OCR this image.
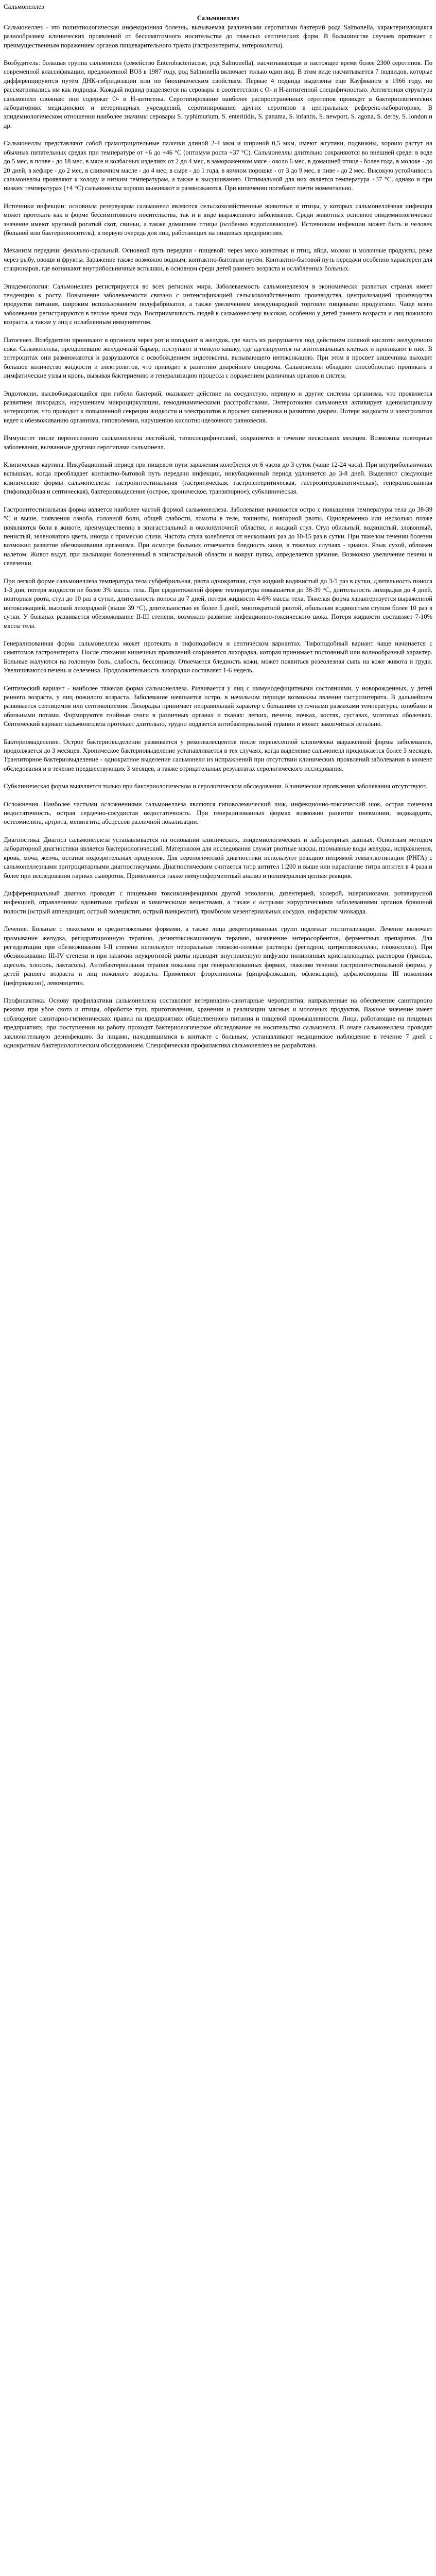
Сальмонеллез
Сальмонеллез

Сальмонеллез - это полиэтиологическая инфекционная болезнь, вызываемая различными серотипами бактерий рода Salmonella, характеризующаяся разнообразием клинических проявлений от бессимптомного носительства до тяжелых септических форм. В большинстве случаев протекает с преимущественным поражением органов пищеварительного тракта (гастроэнтериты, энтероколиты).

Возбудитель: большая группа сальмонелл (семейство Enterobacteriaceae, род Salmonella), насчитывающая в настоящее время более 2300 серотипов. По современной классификации, предложенной ВОЗ в 1987 году, род Salmonella включает только один вид. В этом виде насчитывается 7 подвидов, которые дифференцируются путём ДНК-гибридизации или по биохимическим свойствам. Первые 4 подвида выделены еще Кауфманом в 1966 году, но рассматривались им как подроды. Каждый подвид разделяется на серовары в соответствии с O- и H-антигенной специфичностью. Антигенная структура сальмонелл сложная: они содержат O- и H-антигены. Серотипирование наиболее распространенных серотипов проводят в бактериологических лабораториях медицинских и ветеринарных учреждений, серотипирование других серотипов в центральных референс-лабораториях. В эпидемиологическом отношении наиболее значимы серовары S. typhimurium, S. enteritidis, S. panama, S. infantis, S. newport, S. agona, S. derby, S. london и др.

Сальмонеллы представляют собой грамотрицательные палочки длиной 2-4 мкм и шириной 0,5 мкм, имеют жгутики, подвижны, хорошо растут на обычных питательных средах при температуре от +6 до +46 °С (оптимум роста +37 °С). Сальмонеллы длительно сохраняются во внешней среде: в воде до 5 мес, в почве - до 18 мес, в мясе и колбасных изделиях от 2 до 4 мес, в замороженном мясе - около 6 мес, в домашней птице - более года, в молоке - до 20 дней, в кефире - до 2 мес, в сливочном масле - до 4 мес, в сыре - до 1 года, в яичном порошке - от 3 до 9 мес, в пиве - до 2 мес. Высокую устойчивость сальмонеллы проявляют к холоду и низким температурам, а также к высушиванию. Оптимальной для них является температура +37 °С, однако и при низких температурах (+4 °С) сальмонеллы хорошо выживают и размножаются. При кипячении погибают почти моментально.

Источники инфекции: основным резервуаром сальмонелл являются сельскохозяйственные животные и птицы, у которых сальмонеллёзная инфекция может протекать как в форме бессимптомного носительства, так и в виде выраженного заболевания. Среди животных основное эпидемиологическое значение имеют крупный рогатый скот, свиньи, а также домашние птицы (особенно водоплавающие). Источником инфекции может быть и человек (больной или бактерионоситель), в первую очередь для лиц, работающих на пищевых предприятиях.

Механизм передачи: фекально-оральный. Основной путь передачи - пищевой: через мясо животных и птиц, яйца, молоко и молочные продукты, реже через рыбу, овощи и фрукты. Заражение также возможно водным, контактно-бытовым путём. Контактно-бытовой путь передачи особенно характерен для стационаров, где возникают внутрибольничные вспышки, в основном среди детей раннего возраста и ослабленных больных.

Эпидемиология: Сальмонеллез регистрируется во всех регионах мира. Заболеваемость сальмонеллезом в экономически развитых странах имеет тенденцию к росту. Повышение заболеваемости связано с интенсификацией сельскохозяйственного производства, централизацией производства продуктов питания, широким использованием полуфабрикатов, а также увеличением международной торговли пищевыми продуктами. Чаще всего заболевания регистрируются в теплое время года. Восприимчивость людей к сальмонеллезу высокая, особенно у детей раннего возраста и лиц пожилого возраста, а также у лиц с ослабленным иммунитетом.

Патогенез. Возбудители проникают в организм через рот и попадают в желудок, где часть их разрушается под действием соляной кислоты желудочного сока. Сальмонеллы, преодолевшие желудочный барьер, поступают в тонкую кишку, где адгезируются на эпителиальных клетках и проникают в них. В энтероцитах они размножаются и разрушаются с освобождением эндотоксина, вызывающего интоксикацию. При этом в просвет кишечника выходит большое количество жидкости и электролитов, что приводит к развитию диарейного синдрома. Сальмонеллы обладают способностью проникать в лимфатические узлы и кровь, вызывая бактериемию и генерализацию процесса с поражением различных органов и систем.

Эндотоксин, высвобождающийся при гибели бактерий, оказывает действие на сосудистую, нервную и другие системы организма, что проявляется развитием лихорадки, нарушением микроциркуляции, гемодинамическими расстройствами. Энтеротоксин сальмонелл активирует аденилатциклазу энтероцитов, что приводит к повышенной секреции жидкости и электролитов в просвет кишечника и развитию диареи. Потеря жидкости и электролитов ведет к обезвоживанию организма, гиповолемии, нарушению кислотно-щелочного равновесия.

Иммунитет после перенесенного сальмонеллеза нестойкий, типоспецифический, сохраняется в течение нескольких месяцев. Возможны повторные заболевания, вызванные другими серотипами сальмонелл.

Клиническая картина. Инкубационный период при пищевом пути заражения колеблется от 6 часов до 3 суток (чаще 12-24 часа). При внутрибольничных вспышках, когда преобладает контактно-бытовой путь передачи инфекции, инкубационный период удлиняется до 3-8 дней. Выделяют следующие клинические формы сальмонеллеза: гастроинтестинальная (гастритическая, гастроэнтеритическая, гастроэнтероколитическая), генерализованная (тифоподобная и септическая), бактериовыделение (острое, хроническое, транзиторное), субклиническая.

Гастроинтестинальная форма является наиболее частой формой сальмонеллеза. Заболевание начинается остро с повышения температуры тела до 38-39 °С и выше, появления озноба, головной боли, общей слабости, ломоты в теле, тошноты, повторной рвоты. Одновременно или несколько позже появляются боли в животе, преимущественно в эпигастральной и околопупочной областях, и жидкий стул. Стул обильный, водянистый, зловонный, пенистый, зеленоватого цвета, иногда с примесью слизи. Частота стула колеблется от нескольких раз до 10-15 раз в сутки. При тяжелом течении болезни возможно развитие обезвоживания организма. При осмотре больных отмечается бледность кожи, в тяжелых случаях - цианоз. Язык сухой, обложен налетом. Живот вздут, при пальпации болезненный в эпигастральной области и вокруг пупка, определяется урчание. Возможно увеличение печени и селезенки.

При легкой форме сальмонеллеза температура тела субфебрильная, рвота однократная, стул жидкий водянистый до 3-5 раз в сутки, длительность поноса 1-3 дня, потеря жидкости не более 3% массы тела. При среднетяжелой форме температура повышается до 38-39 °С, длительность лихорадки до 4 дней, повторная рвота, стул до 10 раз в сутки, длительность поноса до 7 дней, потеря жидкости 4-6% массы тела. Тяжелая форма характеризуется выраженной интоксикацией, высокой лихорадкой (выше 39 °С), длительностью ее более 5 дней, многократной рвотой, обильным водянистым стулом более 10 раз в сутки. У больных развивается обезвоживание II-III степени, возможно развитие инфекционно-токсического шока. Потеря жидкости составляет 7-10% массы тела.

Генерализованная форма сальмонеллеза может протекать в тифоподобном и септическом вариантах. Тифоподобный вариант чаще начинается с симптомов гастроэнтерита. После стихания кишечных проявлений сохраняется лихорадка, которая принимает постоянный или волнообразный характер. Больные жалуются на головную боль, слабость, бессонницу. Отмечается бледность кожи, может появиться розеолезная сыпь на коже живота и груди. Увеличиваются печень и селезенка. Продолжительность лихорадки составляет 1-6 недель.

Септический вариант - наиболее тяжелая форма сальмонеллеза. Развивается у лиц с иммунодефицитными состояниями, у новорожденных, у детей раннего возраста, у лиц пожилого возраста. Заболевание начинается остро, в начальном периоде возможны явления гастроэнтерита. В дальнейшем развивается септицемия или септикопиемия. Лихорадка принимает неправильный характер с большими суточными размахами температуры, ознобами и обильными потами. Формируются гнойные очаги в различных органах и тканях: легких, печени, почках, костях, суставах, мозговых оболочках. Септический вариант сальмонеллеза протекает длительно, трудно поддается антибактериальной терапии и может закончиться летально.

Бактериовыделение. Острое бактериовыделение развивается у реконвалесцентов после перенесенной клинически выраженной формы заболевания, продолжается до 3 месяцев. Хроническое бактериовыделение устанавливается в тех случаях, когда выделение сальмонелл продолжается более 3 месяцев. Транзиторное бактериовыделение - однократное выделение сальмонелл из испражнений при отсутствии клинических проявлений заболевания в момент обследования и в течение предшествующих 3 месяцев, а также отрицательных результатах серологического исследования.

Субклиническая форма выявляется только при бактериологическом и серологическом обследовании. Клинические проявления заболевания отсутствуют.

Осложнения. Наиболее частыми осложнениями сальмонеллеза являются гиповолемический шок, инфекционно-токсический шок, острая почечная недостаточность, острая сердечно-сосудистая недостаточность. При генерализованных формах возможно развитие пневмонии, эндокардита, остеомиелита, артрита, менингита, абсцессов различной локализации.

Диагностика. Диагноз сальмонеллеза устанавливается на основании клинических, эпидемиологических и лабораторных данных. Основным методом лабораторной диагностики является бактериологический. Материалом для исследования служат рвотные массы, промывные воды желудка, испражнения, кровь, моча, желчь, остатки подозрительных продуктов. Для серологической диагностики используют реакцию непрямой гемагглютинации (РНГА) с сальмонеллезными эритроцитарными диагностикумами. Диагностическим считается титр антител 1:200 и выше или нарастание титра антител в 4 раза и более при исследовании парных сывороток. Применяются также иммуноферментный анализ и полимеразная цепная реакция.

Дифференциальный диагноз проводят с пищевыми токсикоинфекциями другой этиологии, дизентерией, холерой, эшерихиозами, ротавирусной инфекцией, отравлениями ядовитыми грибами и химическими веществами, а также с острыми хирургическими заболеваниями органов брюшной полости (острый аппендицит, острый холецистит, острый панкреатит), тромбозом мезентериальных сосудов, инфарктом миокарда.

Лечение. Больные с тяжелыми и среднетяжелыми формами, а также лица декретированных групп подлежат госпитализации. Лечение включает промывание желудка, регидратационную терапию, дезинтоксикационную терапию, назначение энтеросорбентов, ферментных препаратов. Для регидратации при обезвоживании I-II степени используют пероральные глюкозо-солевые растворы (регидрон, цитроглюкосолан, глюкосолан). При обезвоживании III-IV степени и при наличии неукротимой рвоты проводят внутривенную инфузию полиионных кристаллоидных растворов (трисоль, ацесоль, хлосоль, лактасоль). Антибактериальная терапия показана при генерализованных формах, тяжелом течении гастроинтестинальной формы, у детей раннего возраста и лиц пожилого возраста. Применяют фторхинолоны (ципрофлоксацин, офлоксацин), цефалоспорины III поколения (цефтриаксон), левомицетин.

Профилактика. Основу профилактики сальмонеллеза составляют ветеринарно-санитарные мероприятия, направленные на обеспечение санитарного режима при убое скота и птицы, обработке туш, приготовлении, хранении и реализации мясных и молочных продуктов. Важное значение имеет соблюдение санитарно-гигиенических правил на предприятиях общественного питания и пищевой промышленности. Лица, работающие на пищевых предприятиях, при поступлении на работу проходят бактериологическое обследование на носительство сальмонелл. В очаге сальмонеллеза проводят заключительную дезинфекцию. За лицами, находившимися в контакте с больным, устанавливают медицинское наблюдение в течение 7 дней с однократным бактериологическим обследованием. Специфическая профилактика сальмонеллеза не разработана.
